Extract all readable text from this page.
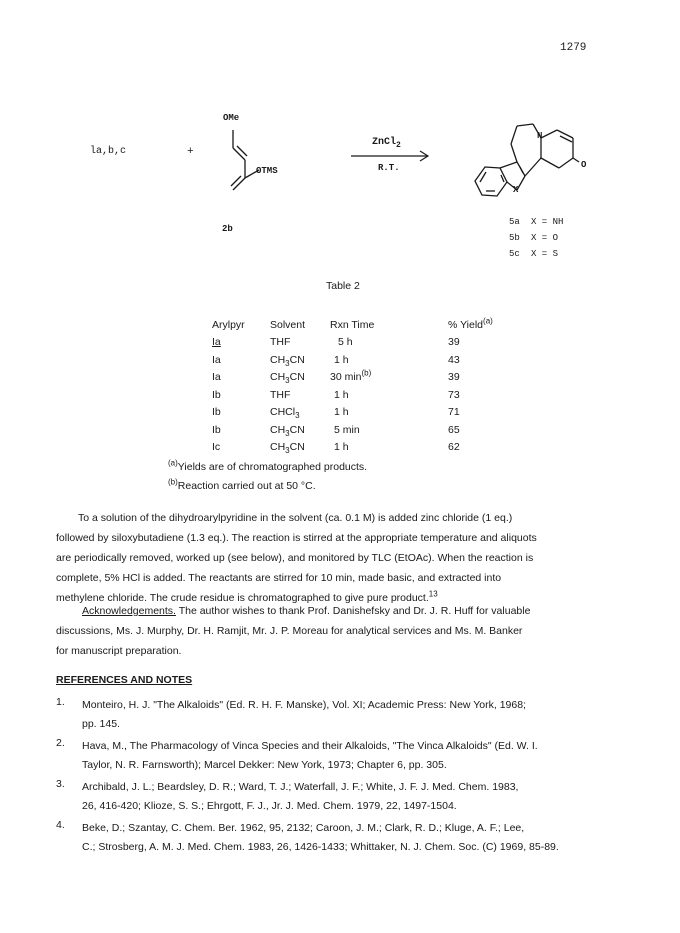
1279
la,b,c	+
OMe
OTMS
2b
ZnCl$_2$
R.T.
N
X
O
5a X = NH
5b X = O
5c X = S
Table 2
Arylpyr	Solvent	Rxn Time	% Yield$^{(a)}$
Ia	THF	5 h	39
Ia	$CH_3CN$	1 h	43
Ia	$CH_3CN$	30 $\min^{(b)}$	39
Ib	THF	1 h	73
Ib	CHCl$_3$	1 h	71
Ib	$CH_3CN$	5 min	65
Ic	$CH_3CN$	1 h	62
$^{(a)}$Yields are of chromatographed products.
$^{(b)}$Reaction carried out at 50 °C.
To a solution of the dihydroarylpyridine in the solvent (ca. 0.1 M) is added zinc chloride (1 eq.)
followed by siloxybutadiene (1.3 eq.). The reaction is stirred at the appropriate temperature and aliquots
are periodically removed, worked up (see below), and monitored by TLC (EtOAc). When the reaction is
complete, 5% HCl is added. The reactants are stirred for 10 min, made basic, and extracted into
methylene chloride. The crude residue is chromatographed to give pure product.$^{13}$
Acknowledgements. The author wishes to thank Prof. Danishefsky and Dr. J. R. Huff for valuable
discussions, Ms. J. Murphy, Dr. H. Ramjit, Mr. J. P. Moreau for analytical services and Ms. M. Banker
for manuscript preparation.
REFERENCES AND NOTES
1. Monteiro, H. J. "The Alkaloids" (Ed. R. H. F. Manske), Vol. XI; Academic Press: New York, 1968;
pp. 145.
2. Hava, M., The Pharmacology of Vinca Species and their Alkaloids, "The Vinca Alkaloids" (Ed. W. I.
Taylor, N. R. Farnsworth); Marcel Dekker: New York, 1973; Chapter 6, pp. 305.
3. Archibald, J. L.; Beardsley, D. R.; Ward, T. J.; Waterfall, J. F.; White, J. F. J. Med. Chem. 1983,
26, 416-420; Klioze, S. S.; Ehrgott, F. J., Jr. J. Med. Chem. 1979, 22, 1497-1504.
4. Beke, D.; Szantay, C. Chem. Ber. 1962, 95, 2132; Caroon, J. M.; Clark, R. D.; Kluge, A. F.; Lee,
C.; Strosberg, A. M. J. Med. Chem. 1983, 26, 1426-1433; Whittaker, N. J. Chem. Soc. (C) 1969, 85-89.
